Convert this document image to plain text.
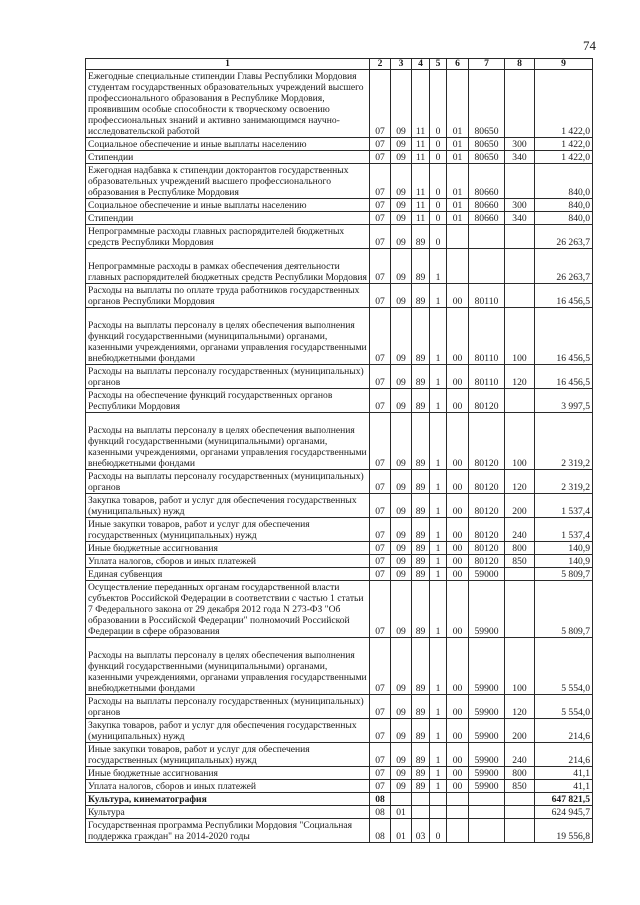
74
1	2	3	4	5	6	7	8	9
Ежегодные специальные стипендии Главы Республики Мордовия студентам государственных образовательных учреждений высшего профессионального образования в Республике Мордовия, проявившим особые способности к творческому освоению профессиональных знаний и активно занимающимся научно-исследовательской работой	07	09	11	0	01	80650		1 422,0
Социальное обеспечение и иные выплаты населению	07	09	11	0	01	80650	300	1 422,0
Стипендии	07	09	11	0	01	80650	340	1 422,0
Ежегодная надбавка к стипендии докторантов государственных образовательных учреждений высшего профессионального образования в Республике Мордовия	07	09	11	0	01	80660		840,0
Социальное обеспечение и иные выплаты населению	07	09	11	0	01	80660	300	840,0
Стипендии	07	09	11	0	01	80660	340	840,0
Непрограммные расходы главных распорядителей бюджетных средств Республики Мордовия	07	09	89	0				26 263,7
Непрограммные расходы в рамках обеспечения деятельности главных распорядителей бюджетных средств Республики Мордовия	07	09	89	1				26 263,7
Расходы на выплаты по оплате труда работников государственных органов Республики Мордовия	07	09	89	1	00	80110		16 456,5
Расходы на выплаты персоналу в целях обеспечения выполнения функций государственными (муниципальными) органами, казенными учреждениями, органами управления государственными внебюджетными фондами	07	09	89	1	00	80110	100	16 456,5
Расходы на выплаты персоналу государственных (муниципальных) органов	07	09	89	1	00	80110	120	16 456,5
Расходы на обеспечение функций государственных органов Республики Мордовия	07	09	89	1	00	80120		3 997,5
Расходы на выплаты персоналу в целях обеспечения выполнения функций государственными (муниципальными) органами, казенными учреждениями, органами управления государственными внебюджетными фондами	07	09	89	1	00	80120	100	2 319,2
Расходы на выплаты персоналу государственных (муниципальных) органов	07	09	89	1	00	80120	120	2 319,2
Закупка товаров, работ и услуг для обеспечения государственных (муниципальных) нужд	07	09	89	1	00	80120	200	1 537,4
Иные закупки товаров, работ и услуг для обеспечения государственных (муниципальных) нужд	07	09	89	1	00	80120	240	1 537,4
Иные бюджетные ассигнования	07	09	89	1	00	80120	800	140,9
Уплата налогов, сборов и иных платежей	07	09	89	1	00	80120	850	140,9
Единая субвенция	07	09	89	1	00	59000		5 809,7
Осуществление переданных органам государственной власти субъектов Российской Федерации в соответствии с частью 1 статьи 7 Федерального закона от 29 декабря 2012 года N 273-ФЗ "Об образовании в Российской Федерации" полномочий Российской Федерации в сфере образования	07	09	89	1	00	59900		5 809,7
Расходы на выплаты персоналу в целях обеспечения выполнения функций государственными (муниципальными) органами, казенными учреждениями, органами управления государственными внебюджетными фондами	07	09	89	1	00	59900	100	5 554,0
Расходы на выплаты персоналу государственных (муниципальных) органов	07	09	89	1	00	59900	120	5 554,0
Закупка товаров, работ и услуг для обеспечения государственных (муниципальных) нужд	07	09	89	1	00	59900	200	214,6
Иные закупки товаров, работ и услуг для обеспечения государственных (муниципальных) нужд	07	09	89	1	00	59900	240	214,6
Иные бюджетные ассигнования	07	09	89	1	00	59900	800	41,1
Уплата налогов, сборов и иных платежей	07	09	89	1	00	59900	850	41,1
Культура, кинематография	08							647 821,5
Культура	08	01						624 945,7
Государственная программа Республики Мордовия "Социальная поддержка граждан" на 2014-2020 годы	08	01	03	0				19 556,8
